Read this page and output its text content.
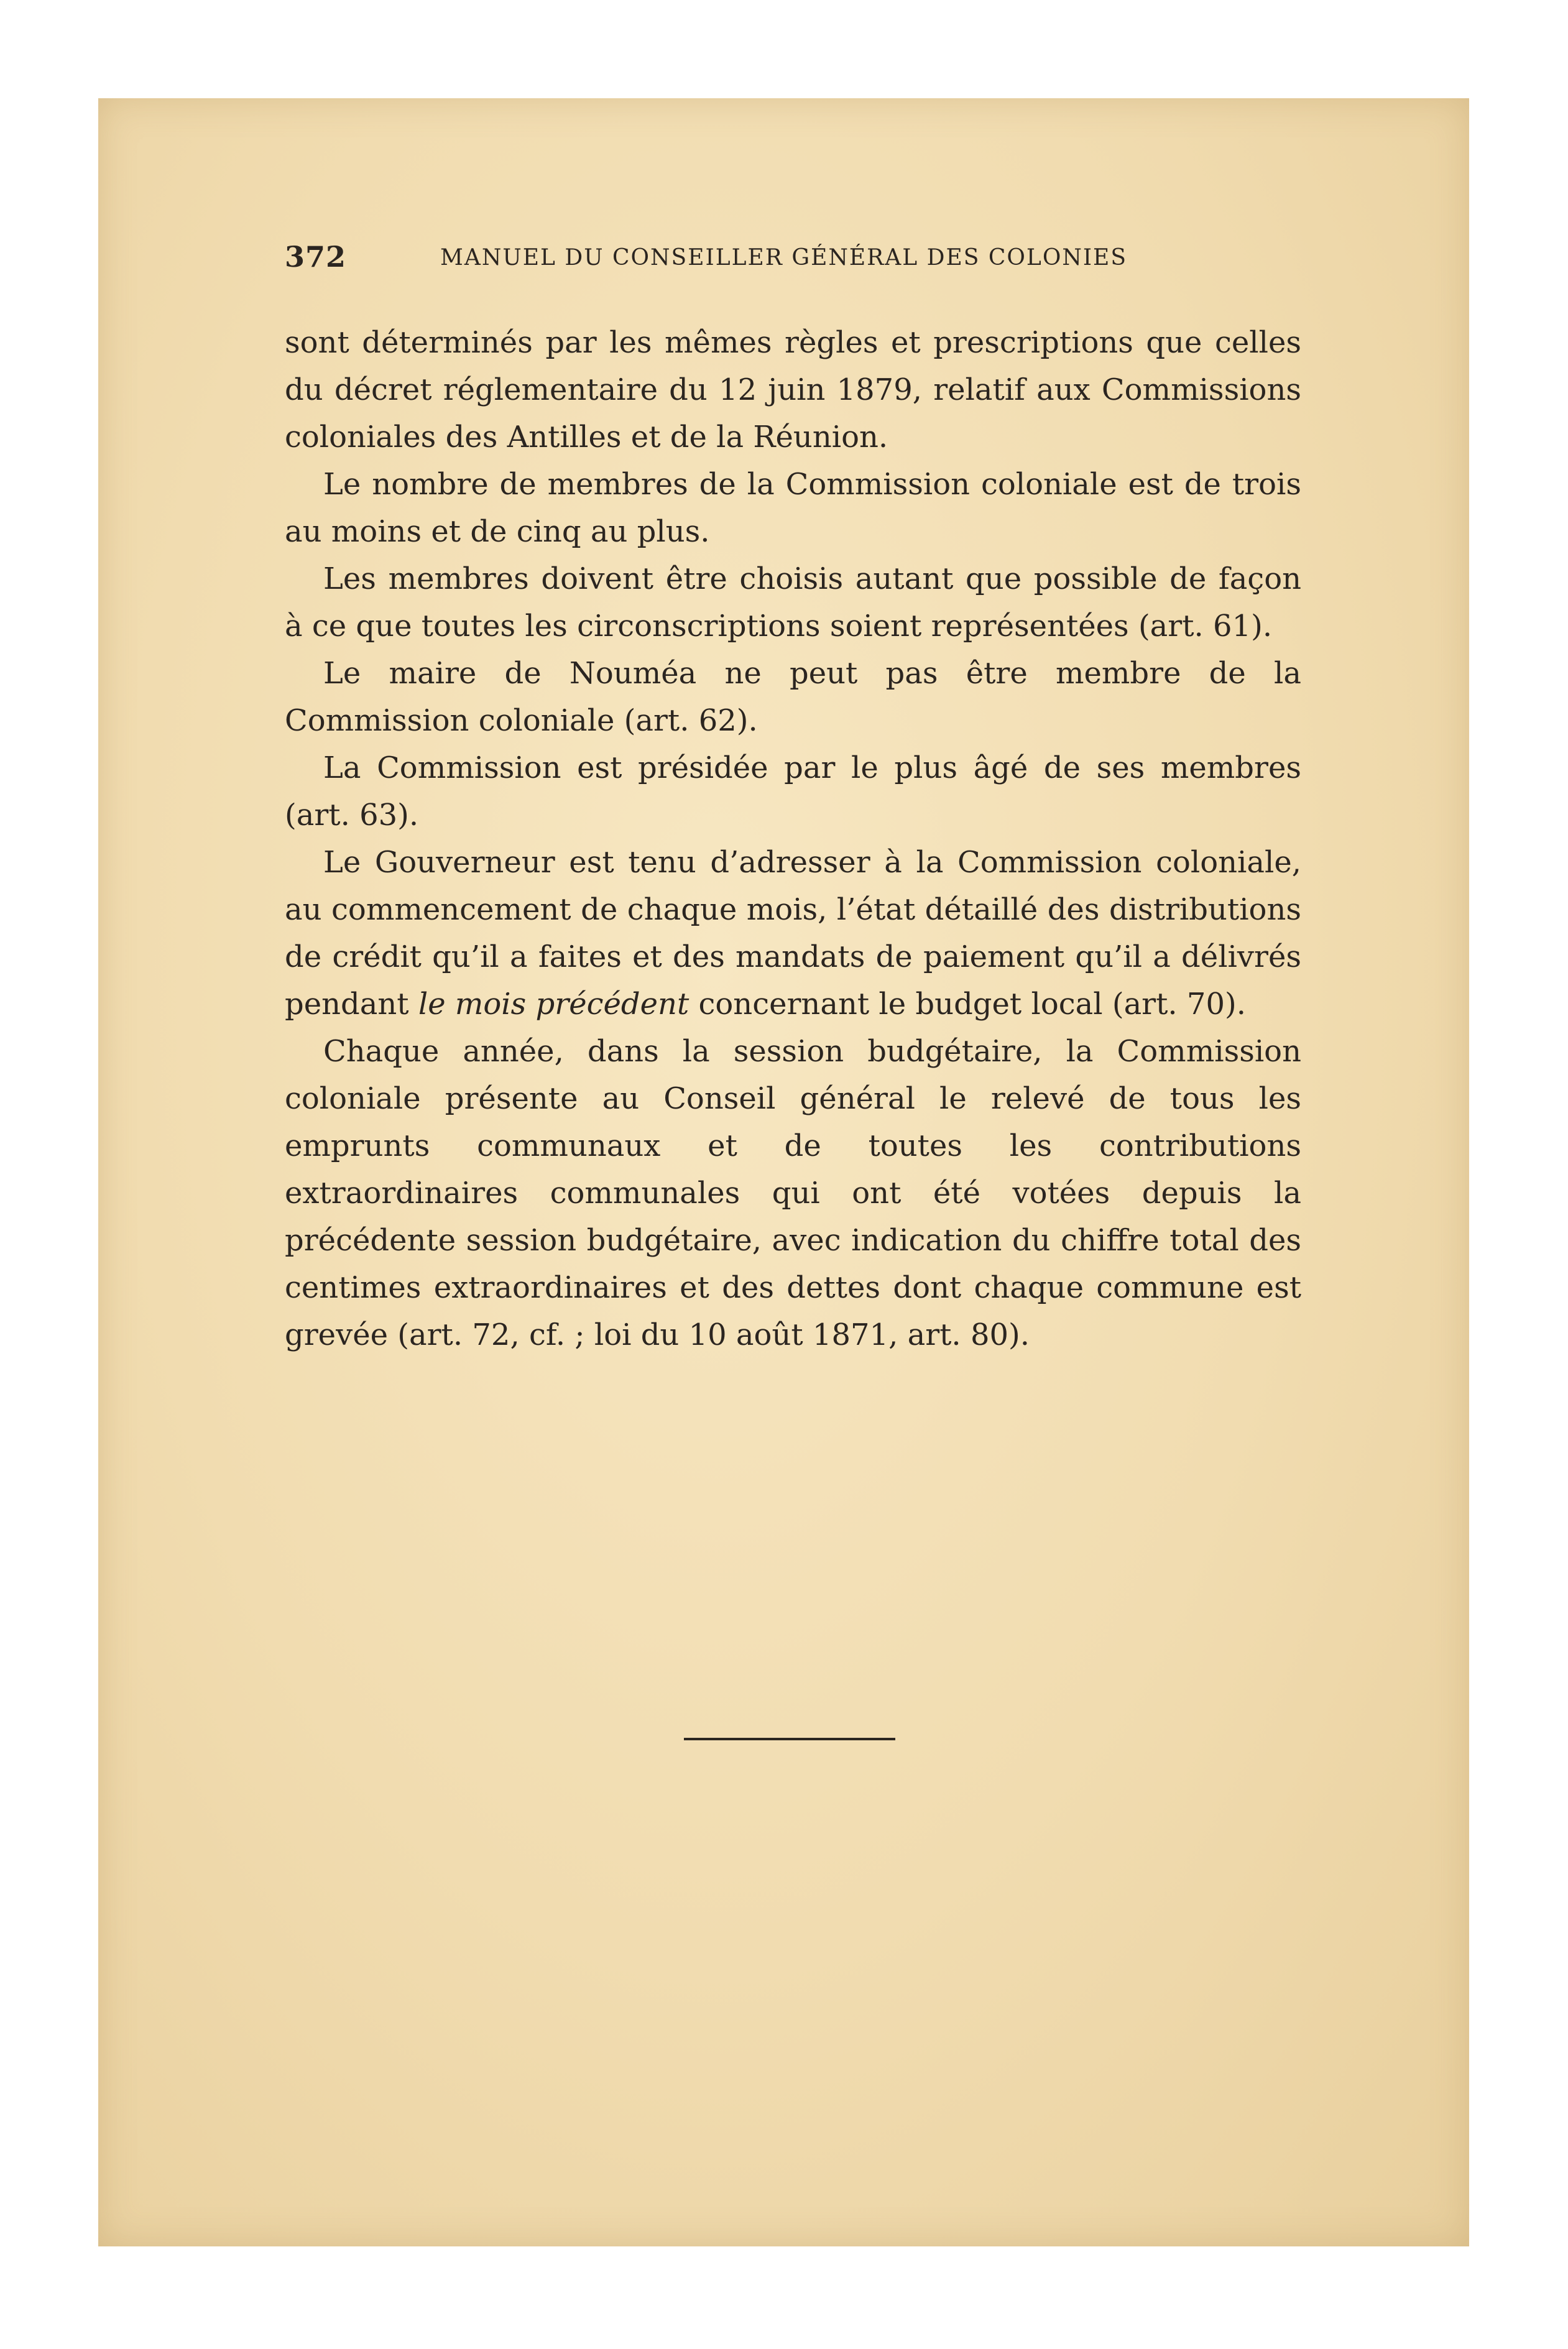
372	MANUEL DU CONSEILLER GÉNÉRAL DES COLONIES

sont déterminés par les mêmes règles et prescriptions que celles du décret réglementaire du 12 juin 1879, relatif aux Commissions coloniales des Antilles et de la Réunion.

Le nombre de membres de la Commission coloniale est de trois au moins et de cinq au plus.

Les membres doivent être choisis autant que possible de façon à ce que toutes les circonscriptions soient représentées (art. 61).

Le maire de Nouméa ne peut pas être membre de la Commission coloniale (art. 62).

La Commission est présidée par le plus âgé de ses membres (art. 63).

Le Gouverneur est tenu d’adresser à la Commission coloniale, au commencement de chaque mois, l’état détaillé des distributions de crédit qu’il a faites et des mandats de paiement qu’il a délivrés pendant le mois précédent concernant le budget local (art. 70).

Chaque année, dans la session budgétaire, la Commission coloniale présente au Conseil général le relevé de tous les emprunts communaux et de toutes les contributions extraordinaires communales qui ont été votées depuis la précédente session budgétaire, avec indication du chiffre total des centimes extraordinaires et des dettes dont chaque commune est grevée (art. 72, cf. ; loi du 10 août 1871, art. 80).
